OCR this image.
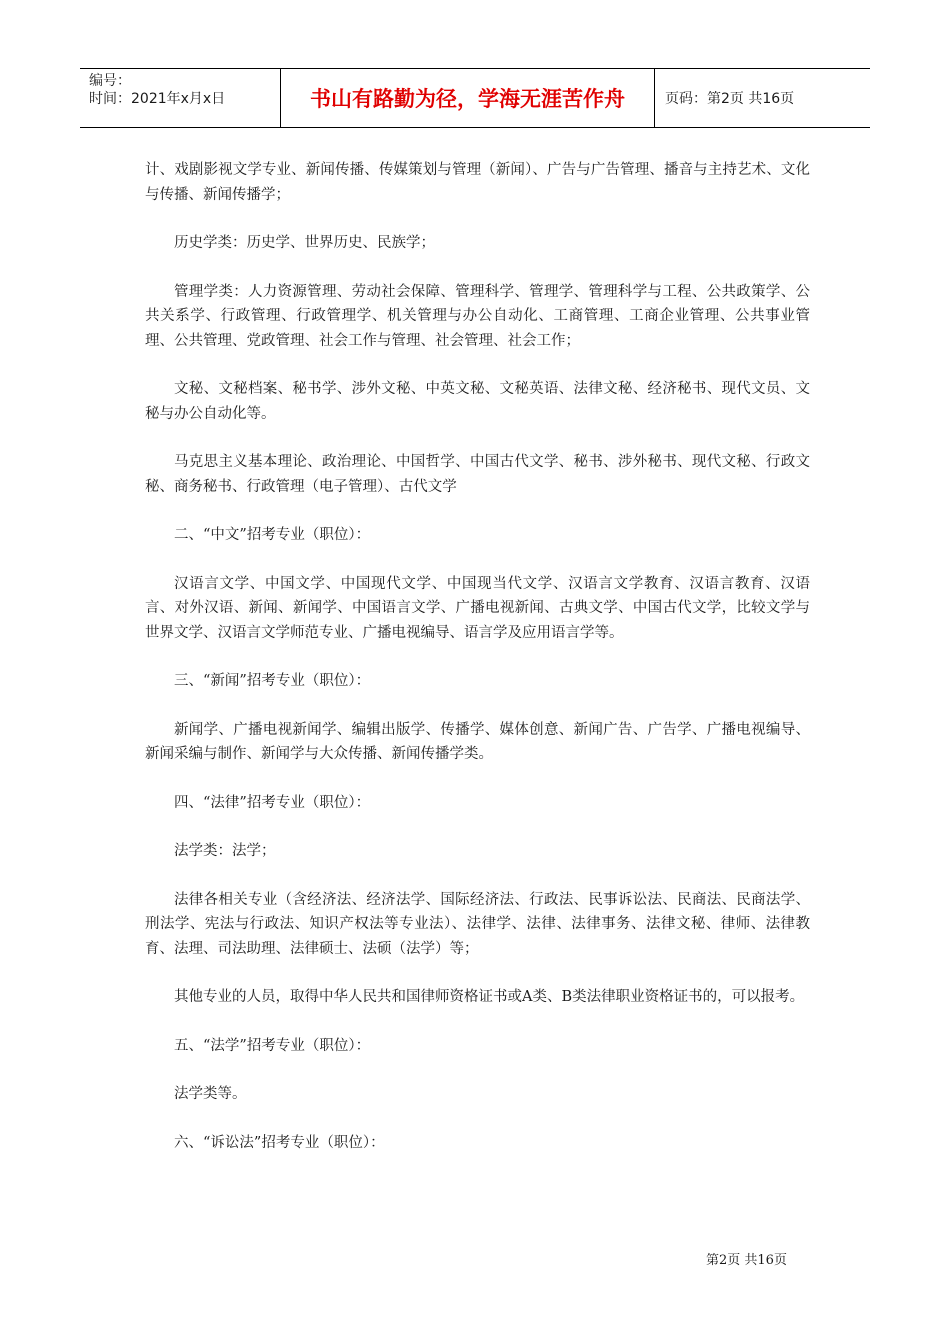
编号：
时间：2021年x月x日	书山有路勤为径，学海无涯苦作舟	页码：第2页 共16页

计、戏剧影视文学专业、新闻传播、传媒策划与管理（新闻）、广告与广告管理、播音与主持艺术、文化与传播、新闻传播学；

历史学类：历史学、世界历史、民族学；

管理学类：人力资源管理、劳动社会保障、管理科学、管理学、管理科学与工程、公共政策学、公共关系学、行政管理、行政管理学、机关管理与办公自动化、工商管理、工商企业管理、公共事业管理、公共管理、党政管理、社会工作与管理、社会管理、社会工作；

文秘、文秘档案、秘书学、涉外文秘、中英文秘、文秘英语、法律文秘、经济秘书、现代文员、文秘与办公自动化等。

马克思主义基本理论、政治理论、中国哲学、中国古代文学、秘书、涉外秘书、现代文秘、行政文秘、商务秘书、行政管理（电子管理）、古代文学

二、“中文”招考专业（职位）：

汉语言文学、中国文学、中国现代文学、中国现当代文学、汉语言文学教育、汉语言教育、汉语言、对外汉语、新闻、新闻学、中国语言文学、广播电视新闻、古典文学、中国古代文学，比较文学与世界文学、汉语言文学师范专业、广播电视编导、语言学及应用语言学等。

三、“新闻”招考专业（职位）：

新闻学、广播电视新闻学、编辑出版学、传播学、媒体创意、新闻广告、广告学、广播电视编导、新闻采编与制作、新闻学与大众传播、新闻传播学类。

四、“法律”招考专业（职位）：

法学类：法学；

法律各相关专业（含经济法、经济法学、国际经济法、行政法、民事诉讼法、民商法、民商法学、刑法学、宪法与行政法、知识产权法等专业法）、法律学、法律、法律事务、法律文秘、律师、法律教育、法理、司法助理、法律硕士、法硕（法学）等；

其他专业的人员，取得中华人民共和国律师资格证书或A类、B类法律职业资格证书的，可以报考。

五、“法学”招考专业（职位）：

法学类等。

六、“诉讼法”招考专业（职位）：

第2页 共16页
